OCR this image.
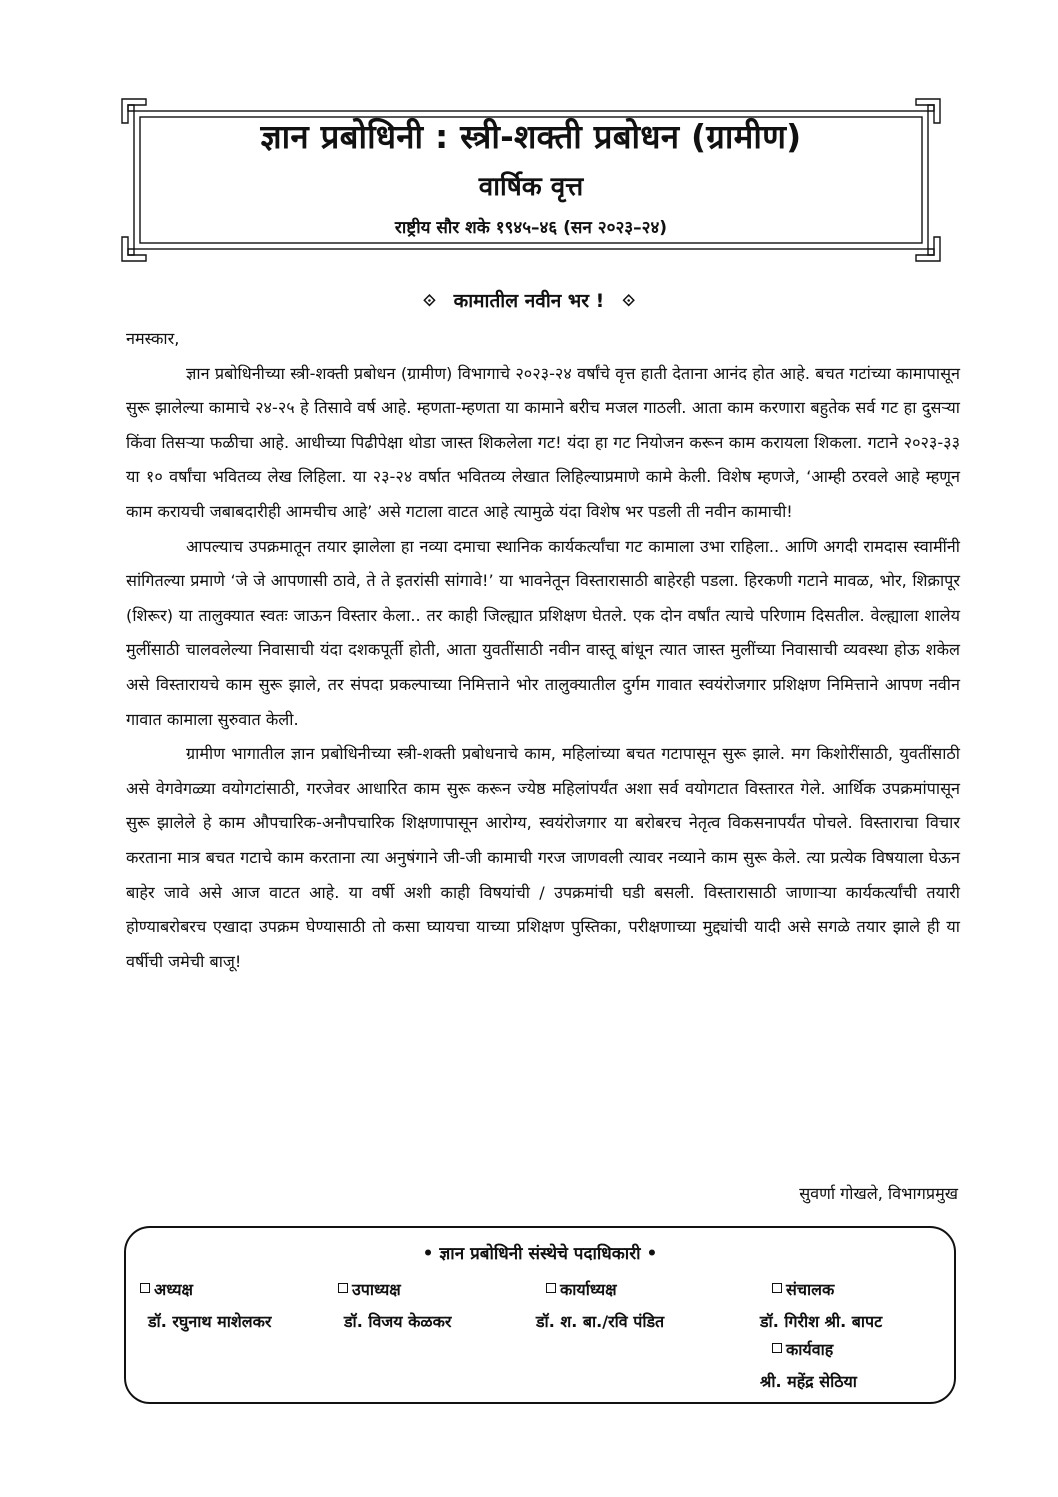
ज्ञान प्रबोधिनी : स्त्री-शक्ती प्रबोधन (ग्रामीण)
वार्षिक वृत्त
राष्ट्रीय सौर शके १९४५–४६ (सन २०२३–२४)
⟐ कामातील नवीन भर ! ⟐

नमस्कार,

ज्ञान प्रबोधिनीच्या स्त्री-शक्ती प्रबोधन (ग्रामीण) विभागाचे २०२३-२४ वर्षांचे वृत्त हाती देताना आनंद होत आहे. बचत गटांच्या कामापासून सुरू झालेल्या कामाचे २४-२५ हे तिसावे वर्ष आहे. म्हणता-म्हणता या कामाने बरीच मजल गाठली. आता काम करणारा बहुतेक सर्व गट हा दुसऱ्या किंवा तिसऱ्या फळीचा आहे. आधीच्या पिढीपेक्षा थोडा जास्त शिकलेला गट! यंदा हा गट नियोजन करून काम करायला शिकला. गटाने २०२३-३३ या १० वर्षांचा भवितव्य लेख लिहिला. या २३-२४ वर्षात भवितव्य लेखात लिहिल्याप्रमाणे कामे केली. विशेष म्हणजे, ‘आम्ही ठरवले आहे म्हणून काम करायची जबाबदारीही आमचीच आहे’ असे गटाला वाटत आहे त्यामुळे यंदा विशेष भर पडली ती नवीन कामाची!

आपल्याच उपक्रमातून तयार झालेला हा नव्या दमाचा स्थानिक कार्यकर्त्यांचा गट कामाला उभा राहिला.. आणि अगदी रामदास स्वामींनी सांगितल्या प्रमाणे ‘जे जे आपणासी ठावे, ते ते इतरांसी सांगावे!’ या भावनेतून विस्तारासाठी बाहेरही पडला. हिरकणी गटाने मावळ, भोर, शिक्रापूर (शिरूर) या तालुक्यात स्वतः जाऊन विस्तार केला.. तर काही जिल्ह्यात प्रशिक्षण घेतले. एक दोन वर्षांत त्याचे परिणाम दिसतील. वेल्ह्याला शालेय मुलींसाठी चालवलेल्या निवासाची यंदा दशकपूर्ती होती, आता युवतींसाठी नवीन वास्तू बांधून त्यात जास्त मुलींच्या निवासाची व्यवस्था होऊ शकेल असे विस्तारायचे काम सुरू झाले, तर संपदा प्रकल्पाच्या निमित्ताने भोर तालुक्यातील दुर्गम गावात स्वयंरोजगार प्रशिक्षण निमित्ताने आपण नवीन गावात कामाला सुरुवात केली.

ग्रामीण भागातील ज्ञान प्रबोधिनीच्या स्त्री-शक्ती प्रबोधनाचे काम, महिलांच्या बचत गटापासून सुरू झाले. मग किशोरींसाठी, युवतींसाठी असे वेगवेगळ्या वयोगटांसाठी, गरजेवर आधारित काम सुरू करून ज्येष्ठ महिलांपर्यंत अशा सर्व वयोगटात विस्तारत गेले. आर्थिक उपक्रमांपासून सुरू झालेले हे काम औपचारिक-अनौपचारिक शिक्षणापासून आरोग्य, स्वयंरोजगार या बरोबरच नेतृत्व विकसनापर्यंत पोचले. विस्ताराचा विचार करताना मात्र बचत गटाचे काम करताना त्या अनुषंगाने जी-जी कामाची गरज जाणवली त्यावर नव्याने काम सुरू केले. त्या प्रत्येक विषयाला घेऊन बाहेर जावे असे आज वाटत आहे. या वर्षी अशी काही विषयांची / उपक्रमांची घडी बसली. विस्तारासाठी जाणाऱ्या कार्यकर्त्यांची तयारी होण्याबरोबरच एखादा उपक्रम घेण्यासाठी तो कसा घ्यायचा याच्या प्रशिक्षण पुस्तिका, परीक्षणाच्या मुद्द्यांची यादी असे सगळे तयार झाले ही या वर्षीची जमेची बाजू!

सुवर्णा गोखले, विभागप्रमुख
• ज्ञान प्रबोधिनी संस्थेचे पदाधिकारी •
अध्यक्ष
डॉ. रघुनाथ माशेलकर
उपाध्यक्ष
डॉ. विजय केळकर
कार्याध्यक्ष
डॉ. श. बा./रवि पंडित
संचालक
डॉ. गिरीश श्री. बापट
कार्यवाह
श्री. महेंद्र सेठिया
